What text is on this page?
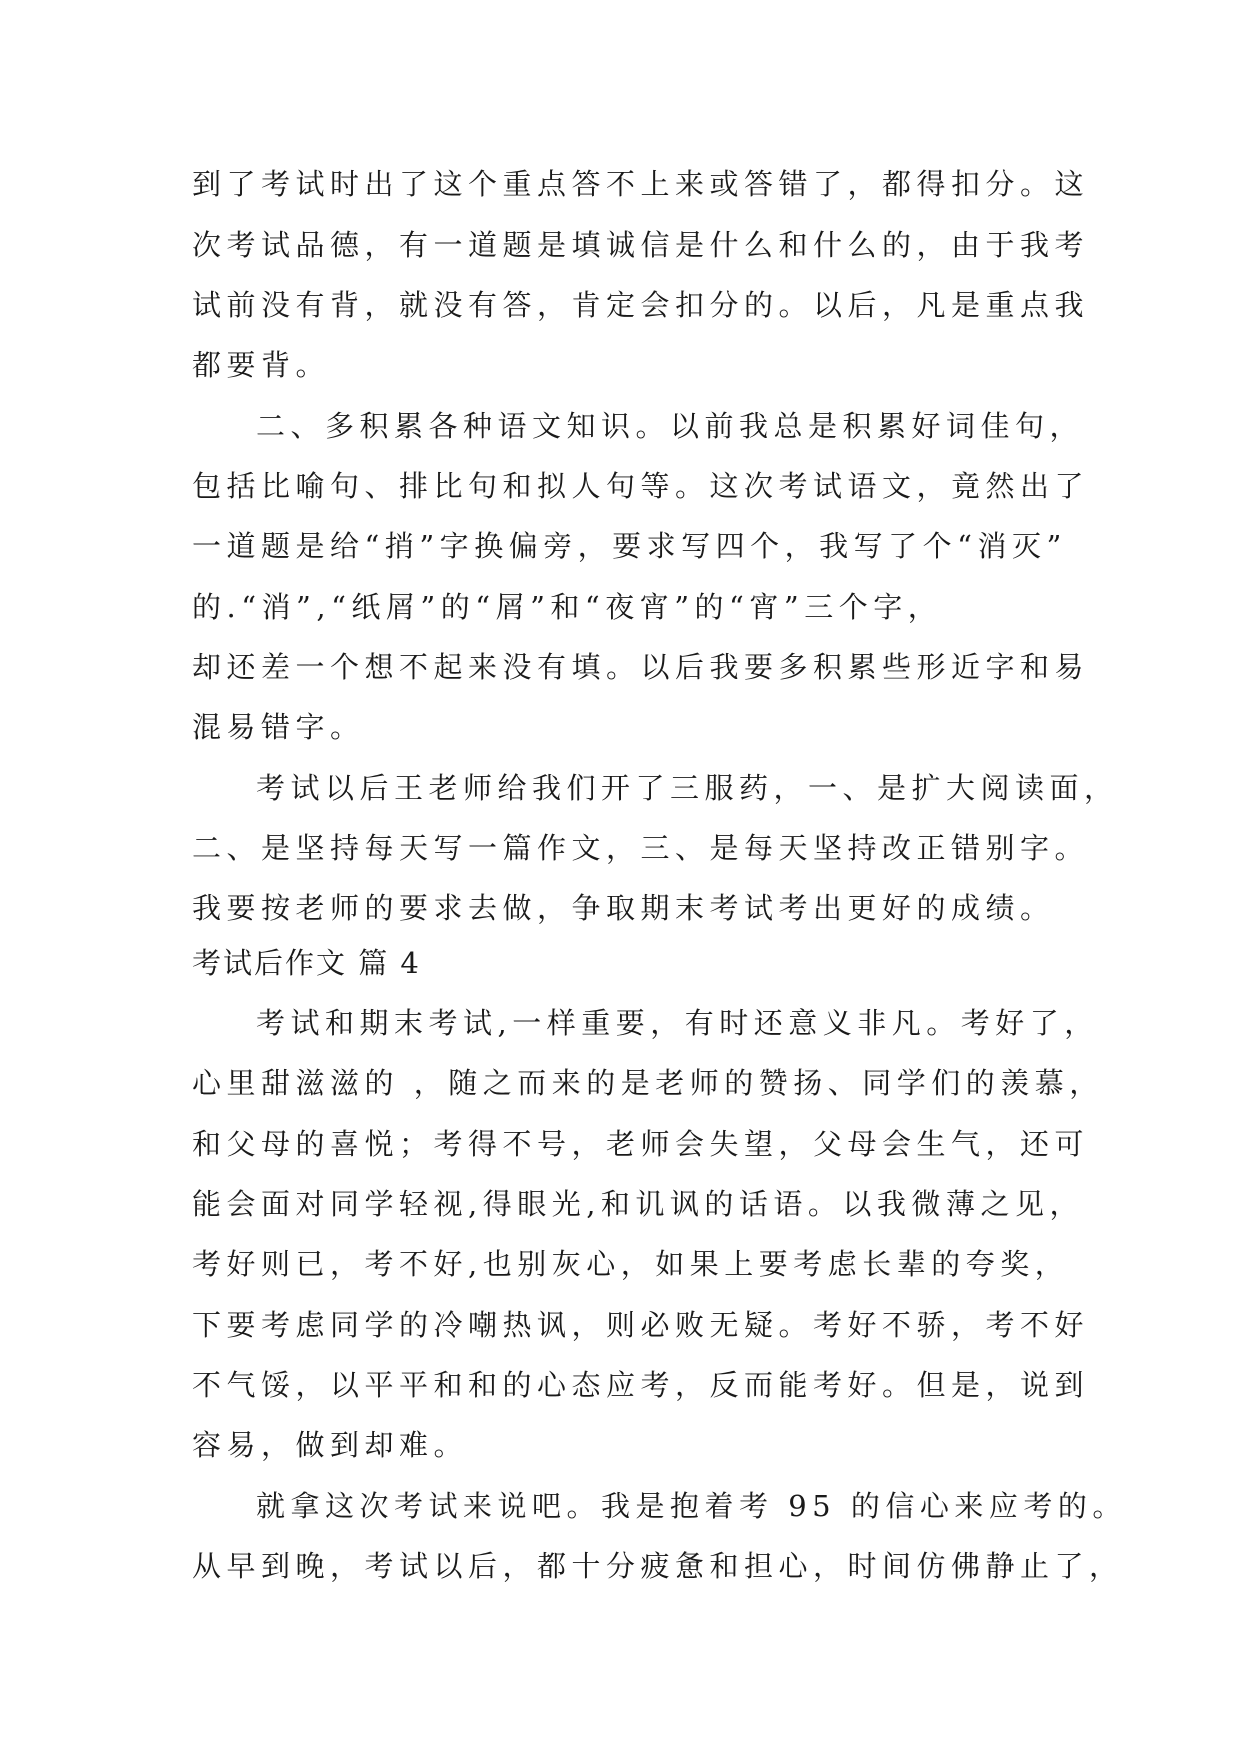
到了考试时出了这个重点答不上来或答错了，都得扣分。这
次考试品德，有一道题是填诚信是什么和什么的，由于我考
试前没有背，就没有答，肯定会扣分的。以后，凡是重点我
都要背。
二、多积累各种语文知识。以前我总是积累好词佳句，
包括比喻句、排比句和拟人句等。这次考试语文，竟然出了
一道题是给“捎”字换偏旁，要求写四个，我写了个“消灭”
的.“消”,“纸屑”的“屑”和“夜宵”的“宵”三个字，
却还差一个想不起来没有填。以后我要多积累些形近字和易
混易错字。
考试以后王老师给我们开了三服药，一、是扩大阅读面，
二、是坚持每天写一篇作文，三、是每天坚持改正错别字。
我要按老师的要求去做，争取期末考试考出更好的成绩。
考试后作文 篇 4
考试和期末考试,一样重要，有时还意义非凡。考好了，
心里甜滋滋的 ，随之而来的是老师的赞扬、同学们的羡慕，
和父母的喜悦；考得不号，老师会失望，父母会生气，还可
能会面对同学轻视,得眼光,和讥讽的话语。以我微薄之见，
考好则已，考不好,也别灰心，如果上要考虑长辈的夸奖，
下要考虑同学的冷嘲热讽，则必败无疑。考好不骄，考不好
不气馁，以平平和和的心态应考，反而能考好。但是，说到
容易，做到却难。
就拿这次考试来说吧。我是抱着考 95 的信心来应考的。
从早到晚，考试以后，都十分疲惫和担心，时间仿佛静止了，
